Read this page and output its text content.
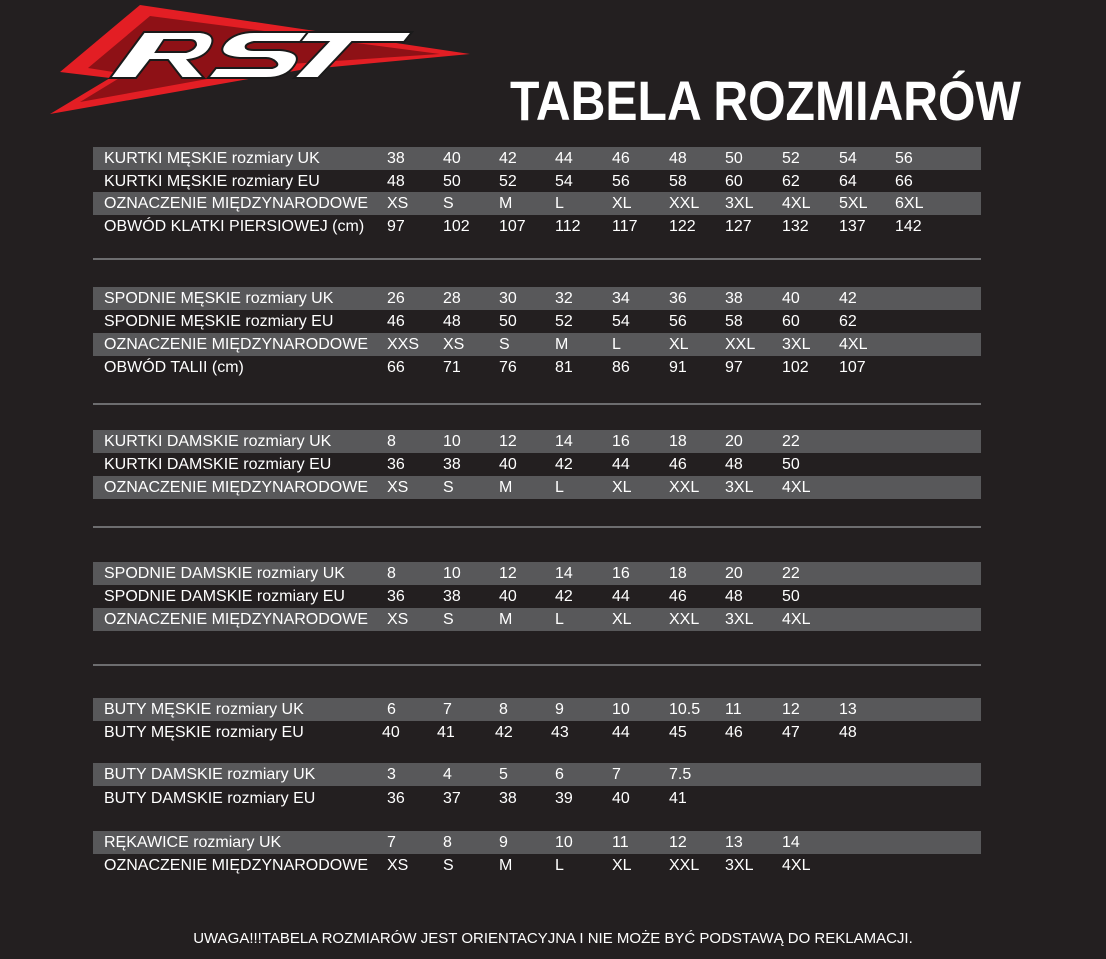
TABELA ROZMIARÓW
KURTKI MĘSKIE rozmiary UK	38 40 42 44 46 48 50 52 54 56
KURTKI MĘSKIE rozmiary EU	48 50 52 54 56 58 60 62 64 66
OZNACZENIE MIĘDZYNARODOWE XS S	M	L	XL XXL 3XL 4XL 5XL 6XL
OBWÓD KLATKI PIERSIOWEJ (cm) 97 102 107 112 117 122 127 132 137 142
SPODNIE MĘSKIE rozmiary UK	26 28 30 32 34 36 38 40 42
SPODNIE MĘSKIE rozmiary EU	46 48 50 52 54 56 58 60 62
OZNACZENIE MIĘDZYNARODOWE XXS XS S	M	L	XL XXL 3XL 4XL
OBWÓD TALII (cm)	66 71 76 81 86 91 97 102 107
KURTKI DAMSKIE rozmiary UK	8	10 12 14 16 18 20 22
KURTKI DAMSKIE rozmiary EU	36 38 40 42 44 46 48 50
OZNACZENIE MIĘDZYNARODOWE XS S	M	L	XL XXL 3XL 4XL
SPODNIE DAMSKIE rozmiary UK	8	10 12 14 16 18 20 22
SPODNIE DAMSKIE rozmiary EU	36 38 40 42 44 46 48 50
OZNACZENIE MIĘDZYNARODOWE XS S	M	L	XL XXL 3XL 4XL
BUTY MĘSKIE rozmiary UK	6	7	8	9	10 10.5 11	12 13
BUTY MĘSKIE rozmiary EU	40 41	42 43	44 45 46 47 48
BUTY DAMSKIE rozmiary UK	3	4	5	6	7	7.5
BUTY DAMSKIE rozmiary EU	36 37 38 39 40 41
RĘKAWICE rozmiary UK	7	8	9	10 11	12 13 14
OZNACZENIE MIĘDZYNARODOWE XS S	M	L	XL XXL 3XL 4XL
UWAGA!!!TABELA ROZMIARÓW JEST ORIENTACYJNA I NIE MOŻE BYĆ PODSTAWĄ DO REKLAMACJI.
